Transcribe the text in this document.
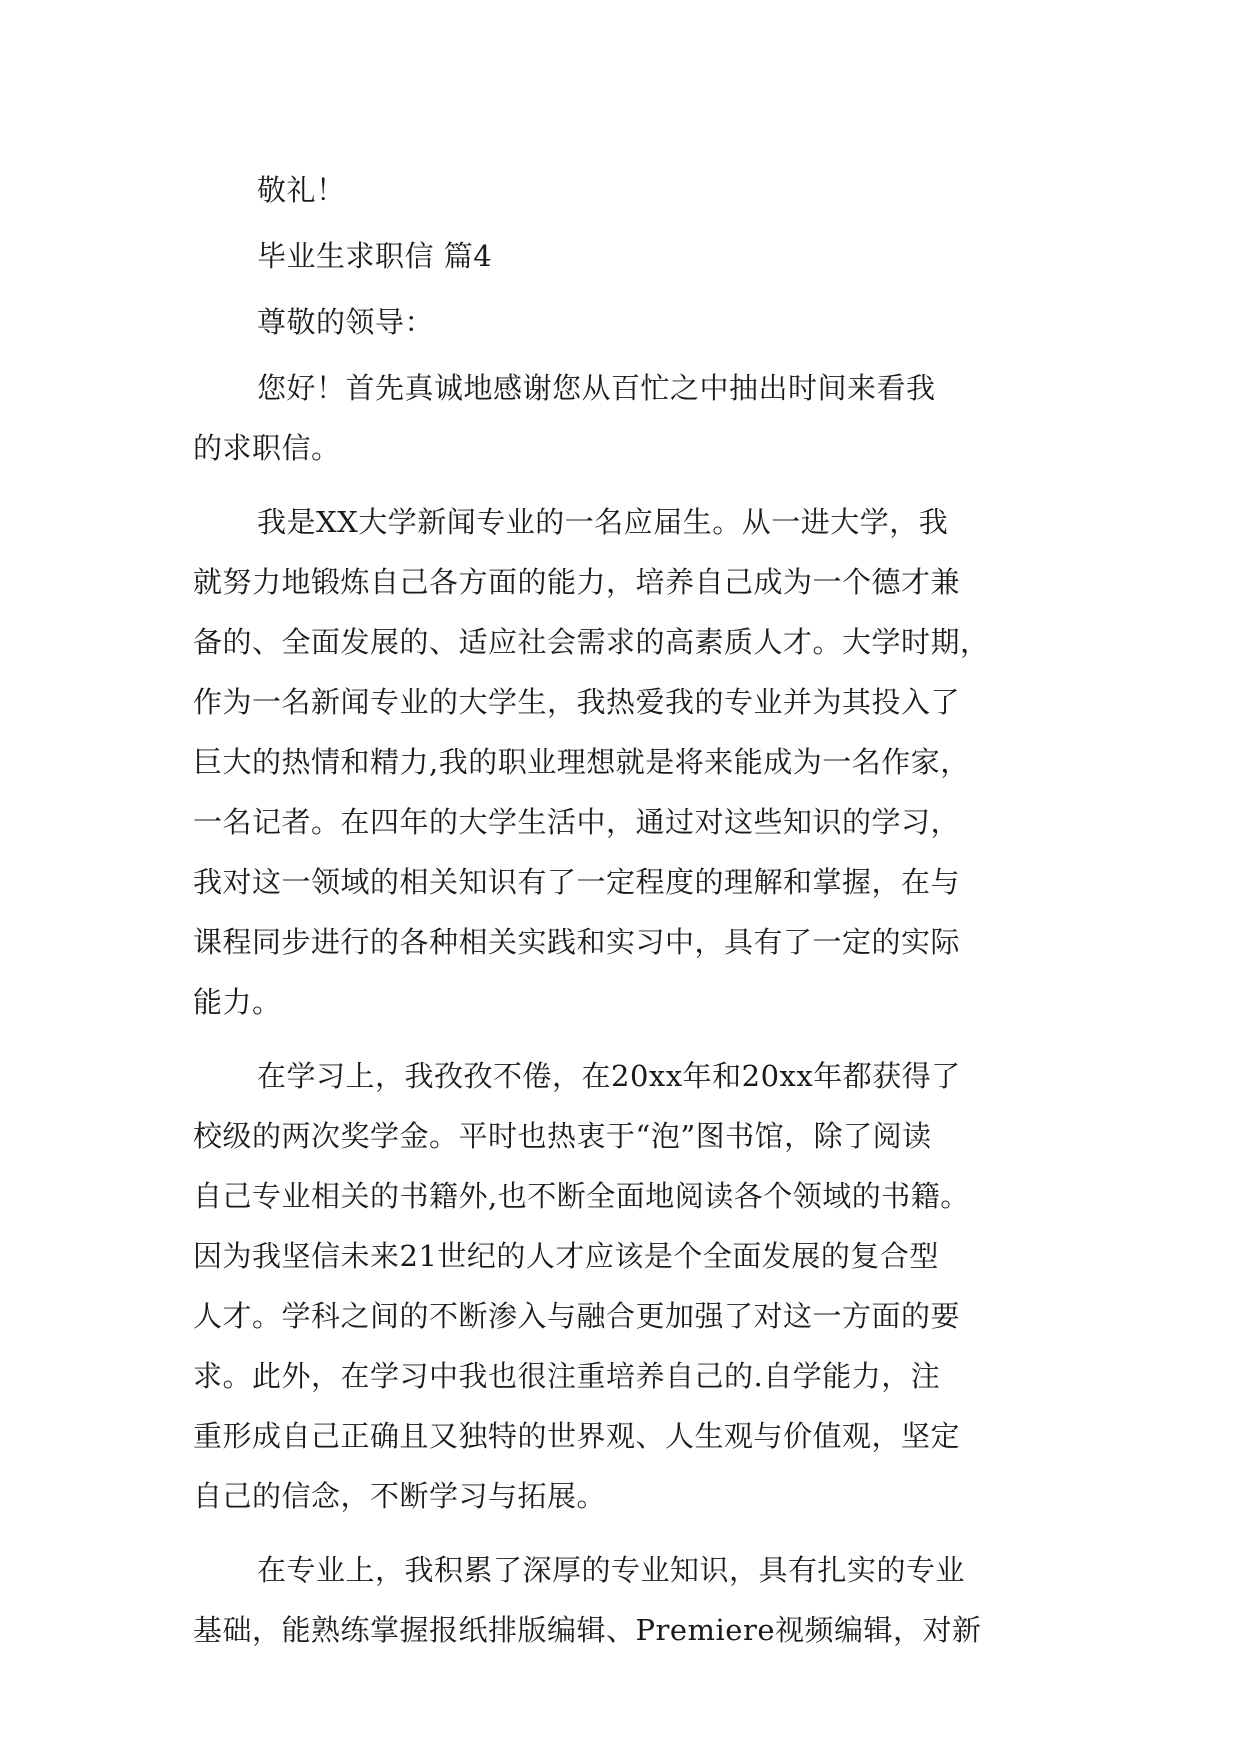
敬礼！
毕业生求职信 篇4
尊敬的领导：
您好！首先真诚地感谢您从百忙之中抽出时间来看我
的求职信。
我是XX大学新闻专业的一名应届生。从一进大学，我
就努力地锻炼自己各方面的能力，培养自己成为一个德才兼
备的、全面发展的、适应社会需求的高素质人才。大学时期，
作为一名新闻专业的大学生，我热爱我的专业并为其投入了
巨大的热情和精力,我的职业理想就是将来能成为一名作家，
一名记者。在四年的大学生活中，通过对这些知识的学习，
我对这一领域的相关知识有了一定程度的理解和掌握，在与
课程同步进行的各种相关实践和实习中，具有了一定的实际
能力。
在学习上，我孜孜不倦，在20xx年和20xx年都获得了
校级的两次奖学金。平时也热衷于“泡”图书馆，除了阅读
自己专业相关的书籍外,也不断全面地阅读各个领域的书籍。
因为我坚信未来21世纪的人才应该是个全面发展的复合型
人才。学科之间的不断渗入与融合更加强了对这一方面的要
求。此外，在学习中我也很注重培养自己的.自学能力，注
重形成自己正确且又独特的世界观、人生观与价值观，坚定
自己的信念，不断学习与拓展。
在专业上，我积累了深厚的专业知识，具有扎实的专业
基础，能熟练掌握报纸排版编辑、Premiere视频编辑，对新
